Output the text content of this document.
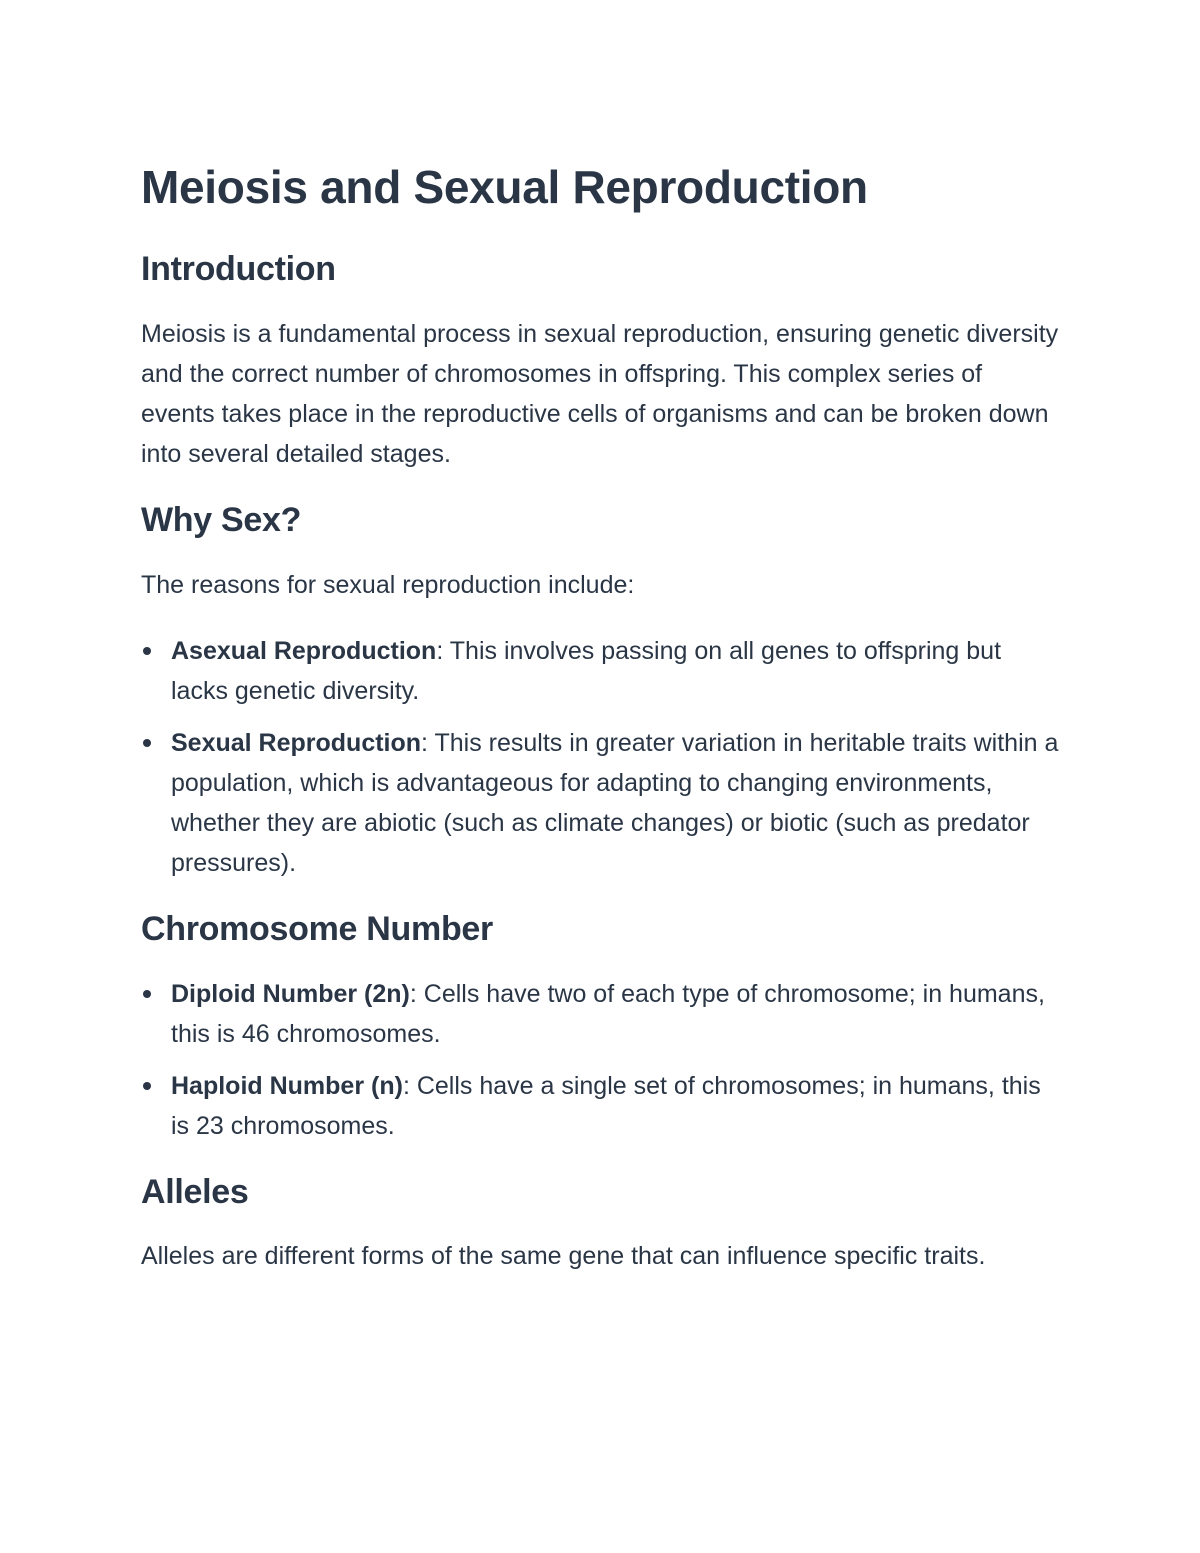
Meiosis and Sexual Reproduction
Introduction

Meiosis is a fundamental process in sexual reproduction, ensuring genetic diversity and the correct number of chromosomes in offspring. This complex series of events takes place in the reproductive cells of organisms and can be broken down into several detailed stages.

Why Sex?

The reasons for sexual reproduction include:

Asexual Reproduction: This involves passing on all genes to offspring but lacks genetic diversity.
Sexual Reproduction: This results in greater variation in heritable traits within a population, which is advantageous for adapting to changing environments, whether they are abiotic (such as climate changes) or biotic (such as predator pressures).
Chromosome Number
Diploid Number (2n): Cells have two of each type of chromosome; in humans, this is 46 chromosomes.
Haploid Number (n): Cells have a single set of chromosomes; in humans, this is 23 chromosomes.
Alleles

Alleles are different forms of the same gene that can influence specific traits.
